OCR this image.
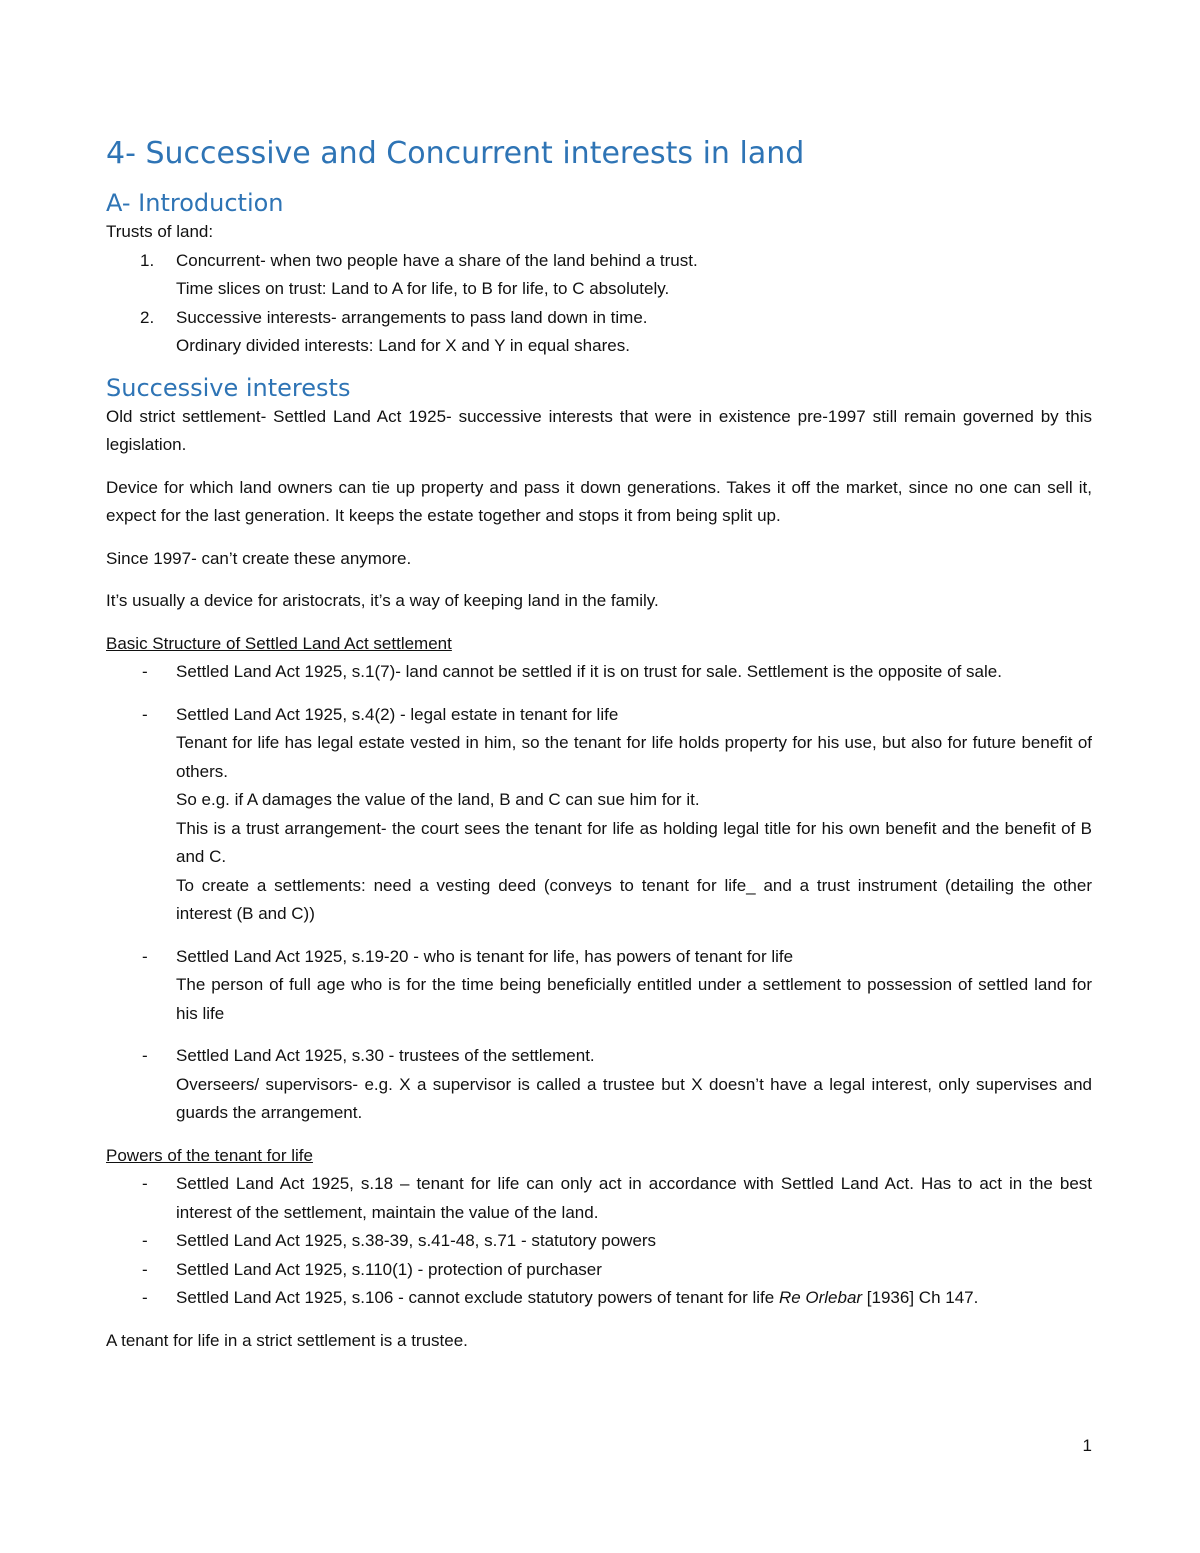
4- Successive and Concurrent interests in land
A- Introduction

Trusts of land:

1. Concurrent- when two people have a share of the land behind a trust.
Time slices on trust: Land to A for life, to B for life, to C absolutely.
2. Successive interests- arrangements to pass land down in time.
Ordinary divided interests: Land for X and Y in equal shares.
Successive interests

Old strict settlement- Settled Land Act 1925- successive interests that were in existence pre-1997 still remain governed by this legislation.

Device for which land owners can tie up property and pass it down generations. Takes it off the market, since no one can sell it, expect for the last generation. It keeps the estate together and stops it from being split up.

Since 1997- can’t create these anymore.

It’s usually a device for aristocrats, it’s a way of keeping land in the family.

Basic Structure of Settled Land Act settlement

- Settled Land Act 1925, s.1(7)- land cannot be settled if it is on trust for sale. Settlement is the opposite of sale.
- Settled Land Act 1925, s.4(2) - legal estate in tenant for life
Tenant for life has legal estate vested in him, so the tenant for life holds property for his use, but also for future benefit of others.
So e.g. if A damages the value of the land, B and C can sue him for it.
This is a trust arrangement- the court sees the tenant for life as holding legal title for his own benefit and the benefit of B and C.
To create a settlements: need a vesting deed (conveys to tenant for life_ and a trust instrument (detailing the other interest (B and C))
- Settled Land Act 1925, s.19-20 - who is tenant for life, has powers of tenant for life
The person of full age who is for the time being beneficially entitled under a settlement to possession of settled land for his life
- Settled Land Act 1925, s.30 - trustees of the settlement.
Overseers/ supervisors- e.g. X a supervisor is called a trustee but X doesn’t have a legal interest, only supervises and guards the arrangement.

Powers of the tenant for life

- Settled Land Act 1925, s.18 – tenant for life can only act in accordance with Settled Land Act. Has to act in the best interest of the settlement, maintain the value of the land.
- Settled Land Act 1925, s.38-39, s.41-48, s.71 - statutory powers
- Settled Land Act 1925, s.110(1) - protection of purchaser
- Settled Land Act 1925, s.106 - cannot exclude statutory powers of tenant for life Re Orlebar [1936] Ch 147.

A tenant for life in a strict settlement is a trustee.

1
